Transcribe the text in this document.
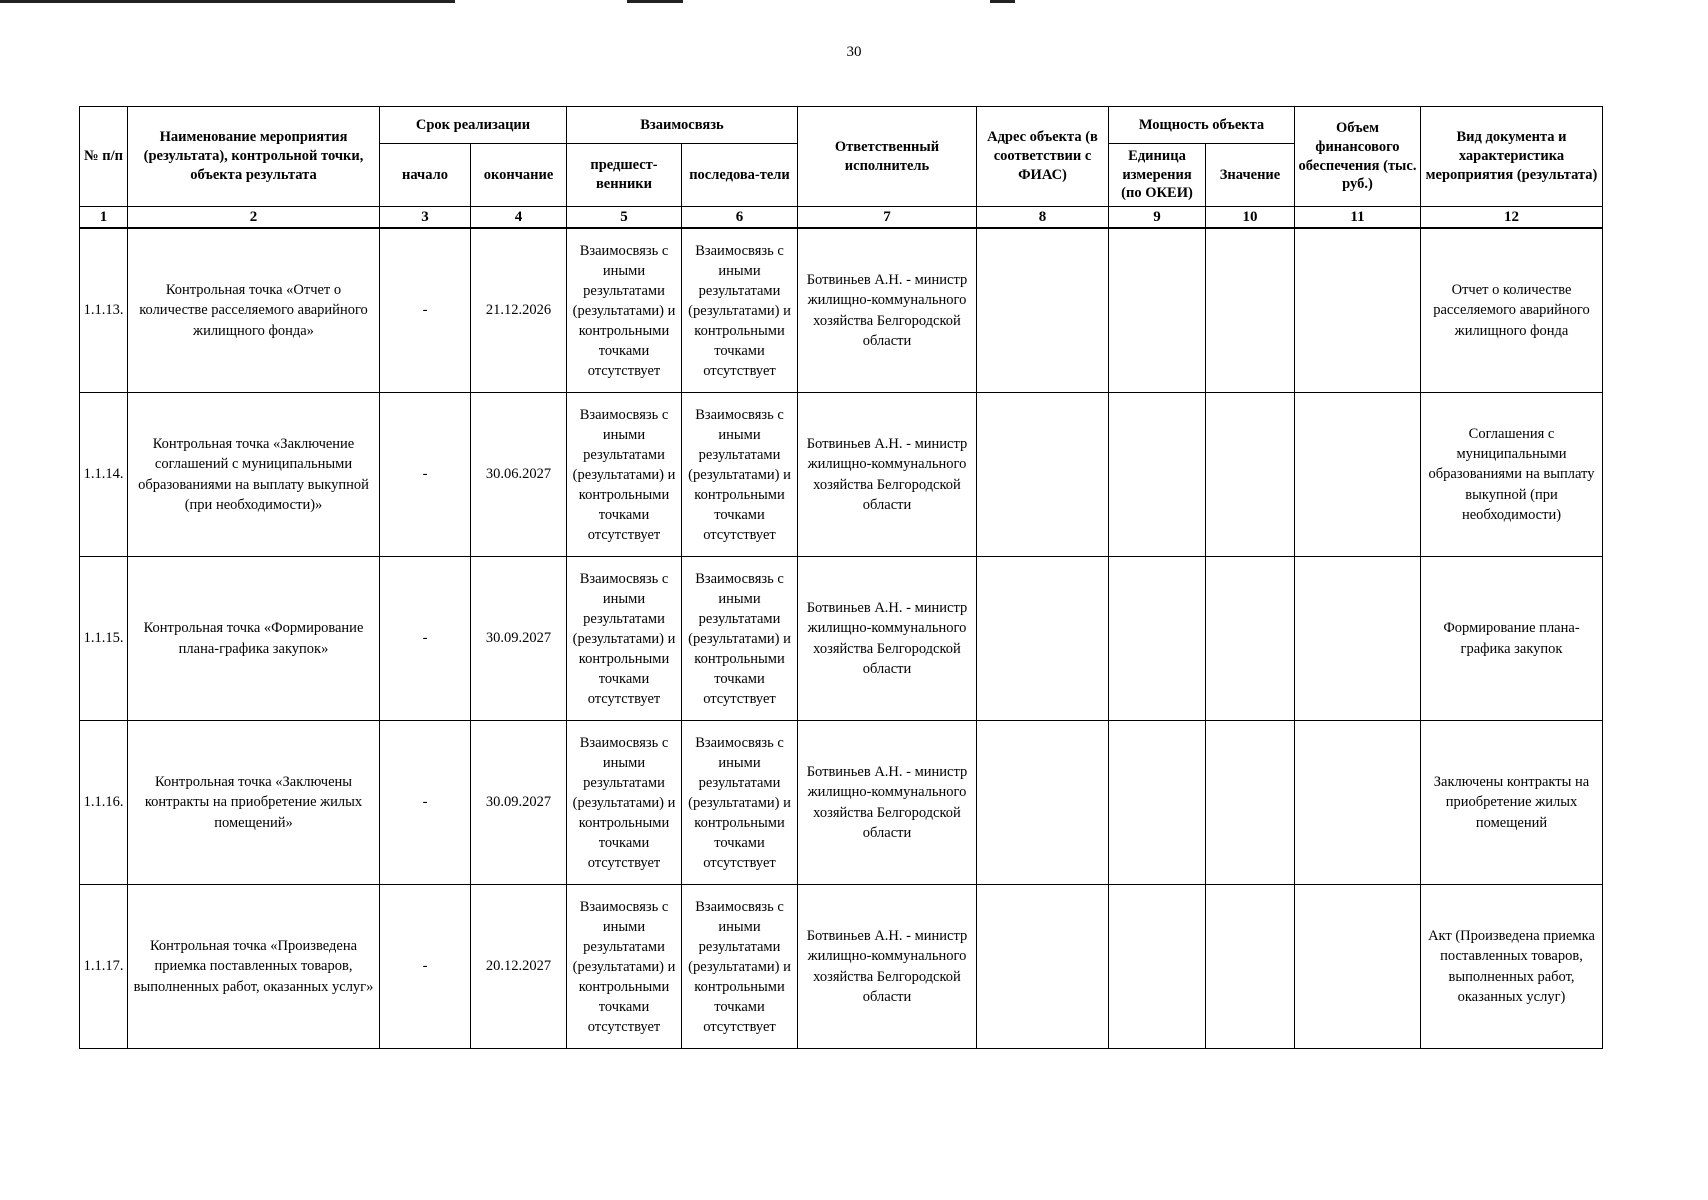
30
№ п/п	Наименование мероприятия (результата), контрольной точки, объекта результата	Срок реализации		Взаимосвязь		Ответственный исполнитель	Адрес объекта (в соответствии с ФИАС)	Мощность объекта		Объем финансового обеспечения (тыс. руб.)	Вид документа и характеристика мероприятия (результата)
		начало	окончание	предшест-венники	последова-тели			Единица измерения (по ОКЕИ)	Значение		
1	2	3	4	5	6	7	8	9	10	11	12
1.1.13.	Контрольная точка «Отчет о количестве расселяемого аварийного жилищного фонда»	-	21.12.2026	Взаимосвязь с иными результатами (результатами) и контрольными точками отсутствует	Взаимосвязь с иными результатами (результатами) и контрольными точками отсутствует	Ботвиньев А.Н. - министр жилищно-коммунального хозяйства Белгородской области					Отчет о количестве расселяемого аварийного жилищного фонда
1.1.14.	Контрольная точка «Заключение соглашений с муниципальными образованиями на выплату выкупной (при необходимости)»	-	30.06.2027	Взаимосвязь с иными результатами (результатами) и контрольными точками отсутствует	Взаимосвязь с иными результатами (результатами) и контрольными точками отсутствует	Ботвиньев А.Н. - министр жилищно-коммунального хозяйства Белгородской области					Соглашения с муниципальными образованиями на выплату выкупной (при необходимости)
1.1.15.	Контрольная точка «Формирование плана-графика закупок»	-	30.09.2027	Взаимосвязь с иными результатами (результатами) и контрольными точками отсутствует	Взаимосвязь с иными результатами (результатами) и контрольными точками отсутствует	Ботвиньев А.Н. - министр жилищно-коммунального хозяйства Белгородской области					Формирование плана-графика закупок
1.1.16.	Контрольная точка «Заключены контракты на приобретение жилых помещений»	-	30.09.2027	Взаимосвязь с иными результатами (результатами) и контрольными точками отсутствует	Взаимосвязь с иными результатами (результатами) и контрольными точками отсутствует	Ботвиньев А.Н. - министр жилищно-коммунального хозяйства Белгородской области					Заключены контракты на приобретение жилых помещений
1.1.17.	Контрольная точка «Произведена приемка поставленных товаров, выполненных работ, оказанных услуг»	-	20.12.2027	Взаимосвязь с иными результатами (результатами) и контрольными точками отсутствует	Взаимосвязь с иными результатами (результатами) и контрольными точками отсутствует	Ботвиньев А.Н. - министр жилищно-коммунального хозяйства Белгородской области					Акт (Произведена приемка поставленных товаров, выполненных работ, оказанных услуг)
